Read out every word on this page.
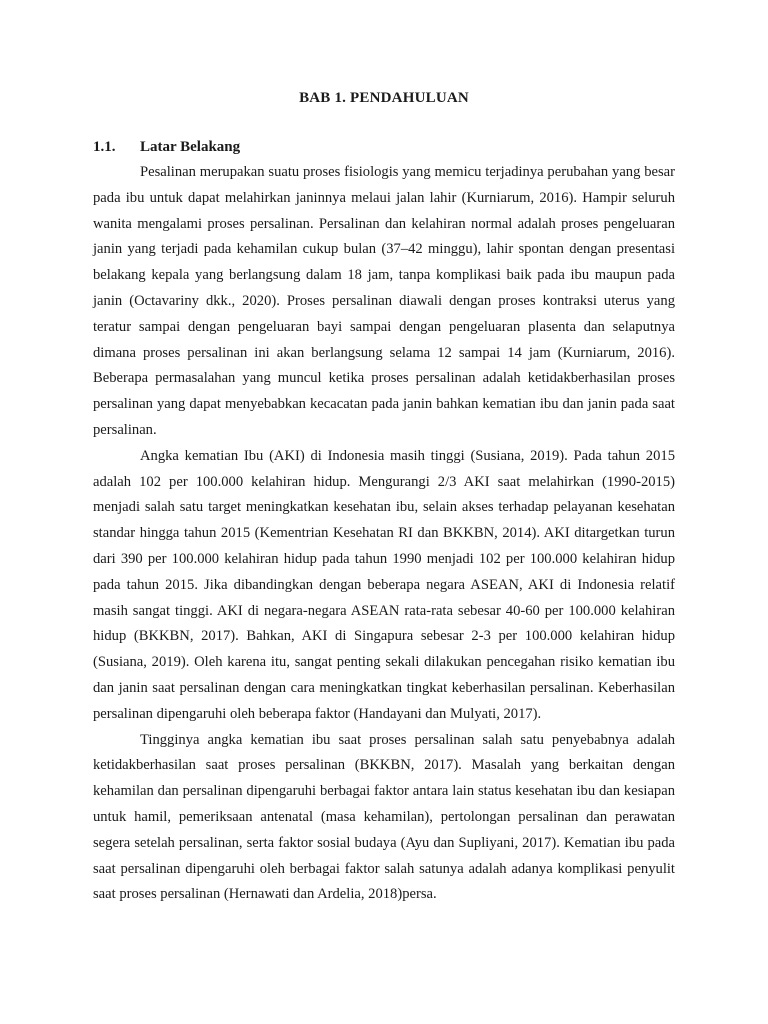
BAB 1. PENDAHULUAN
1.1. Latar Belakang

Pesalinan merupakan suatu proses fisiologis yang memicu terjadinya perubahan yang besar pada ibu untuk dapat melahirkan janinnya melaui jalan lahir (Kurniarum, 2016). Hampir seluruh wanita mengalami proses persalinan. Persalinan dan kelahiran normal adalah proses pengeluaran janin yang terjadi pada kehamilan cukup bulan (37–42 minggu), lahir spontan dengan presentasi belakang kepala yang berlangsung dalam 18 jam, tanpa komplikasi baik pada ibu maupun pada janin (Octavariny dkk., 2020). Proses persalinan diawali dengan proses kontraksi uterus yang teratur sampai dengan pengeluaran bayi sampai dengan pengeluaran plasenta dan selaputnya dimana proses persalinan ini akan berlangsung selama 12 sampai 14 jam (Kurniarum, 2016). Beberapa permasalahan yang muncul ketika proses persalinan adalah ketidakberhasilan proses persalinan yang dapat menyebabkan kecacatan pada janin bahkan kematian ibu dan janin pada saat persalinan.

Angka kematian Ibu (AKI) di Indonesia masih tinggi (Susiana, 2019). Pada tahun 2015 adalah 102 per 100.000 kelahiran hidup. Mengurangi 2/3 AKI saat melahirkan (1990-2015) menjadi salah satu target meningkatkan kesehatan ibu, selain akses terhadap pelayanan kesehatan standar hingga tahun 2015 (Kementrian Kesehatan RI dan BKKBN, 2014). AKI ditargetkan turun dari 390 per 100.000 kelahiran hidup pada tahun 1990 menjadi 102 per 100.000 kelahiran hidup pada tahun 2015. Jika dibandingkan dengan beberapa negara ASEAN, AKI di Indonesia relatif masih sangat tinggi. AKI di negara-negara ASEAN rata-rata sebesar 40-60 per 100.000 kelahiran hidup (BKKBN, 2017). Bahkan, AKI di Singapura sebesar 2-3 per 100.000 kelahiran hidup (Susiana, 2019). Oleh karena itu, sangat penting sekali dilakukan pencegahan risiko kematian ibu dan janin saat persalinan dengan cara meningkatkan tingkat keberhasilan persalinan. Keberhasilan persalinan dipengaruhi oleh beberapa faktor (Handayani dan Mulyati, 2017).

Tingginya angka kematian ibu saat proses persalinan salah satu penyebabnya adalah ketidakberhasilan saat proses persalinan (BKKBN, 2017). Masalah yang berkaitan dengan kehamilan dan persalinan dipengaruhi berbagai faktor antara lain status kesehatan ibu dan kesiapan untuk hamil, pemeriksaan antenatal (masa kehamilan), pertolongan persalinan dan perawatan segera setelah persalinan, serta faktor sosial budaya (Ayu dan Supliyani, 2017). Kematian ibu pada saat persalinan dipengaruhi oleh berbagai faktor salah satunya adalah adanya komplikasi penyulit saat proses persalinan (Hernawati dan Ardelia, 2018)persa.
